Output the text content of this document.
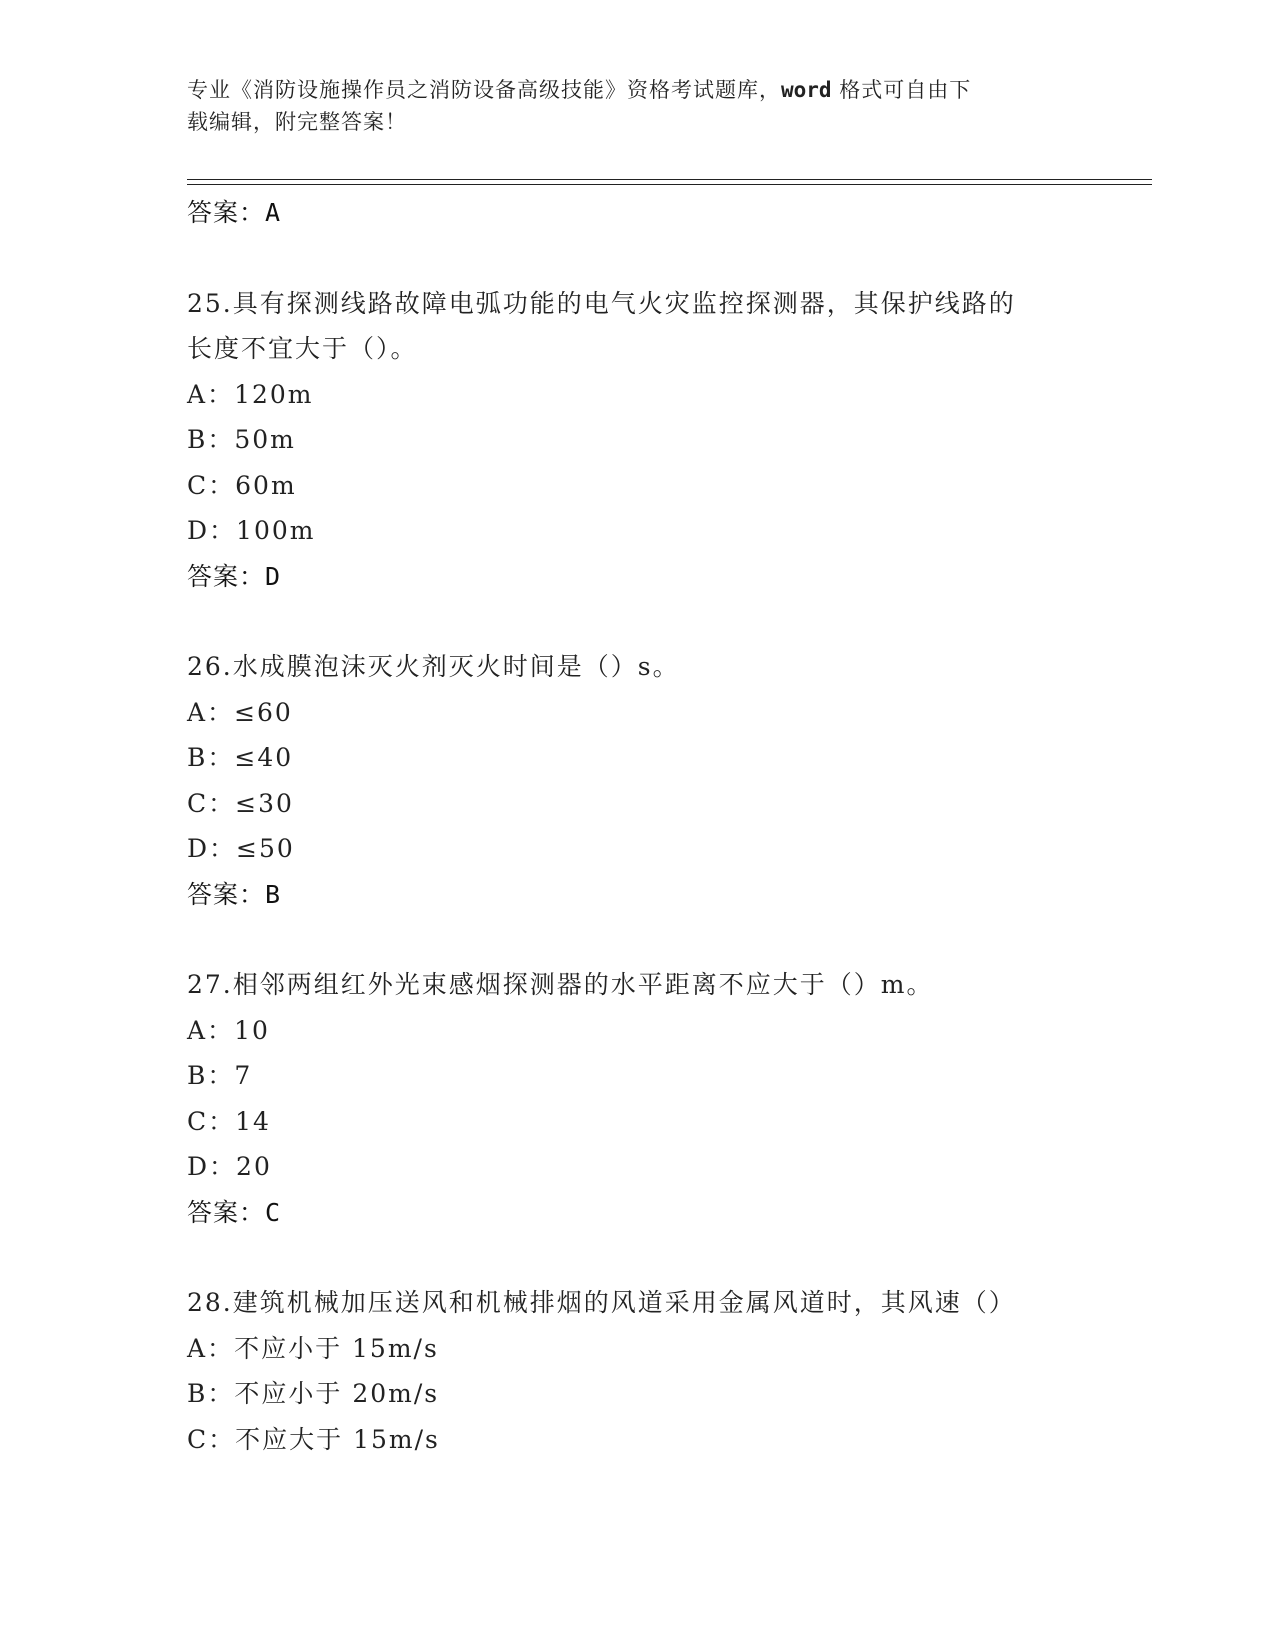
专业《消防设施操作员之消防设备高级技能》资格考试题库，word 格式可自由下
载编辑，附完整答案！
答案：A
25.具有探测线路故障电弧功能的电气火灾监控探测器，其保护线路的
长度不宜大于（）。
A：120m
B：50m
C：60m
D：100m
答案：D
26.水成膜泡沫灭火剂灭火时间是（）s。
A：≤60
B：≤40
C：≤30
D：≤50
答案：B
27.相邻两组红外光束感烟探测器的水平距离不应大于（）m。
A：10
B：7
C：14
D：20
答案：C
28.建筑机械加压送风和机械排烟的风道采用金属风道时，其风速（）
A：不应小于 15m/s
B：不应小于 20m/s
C：不应大于 15m/s
